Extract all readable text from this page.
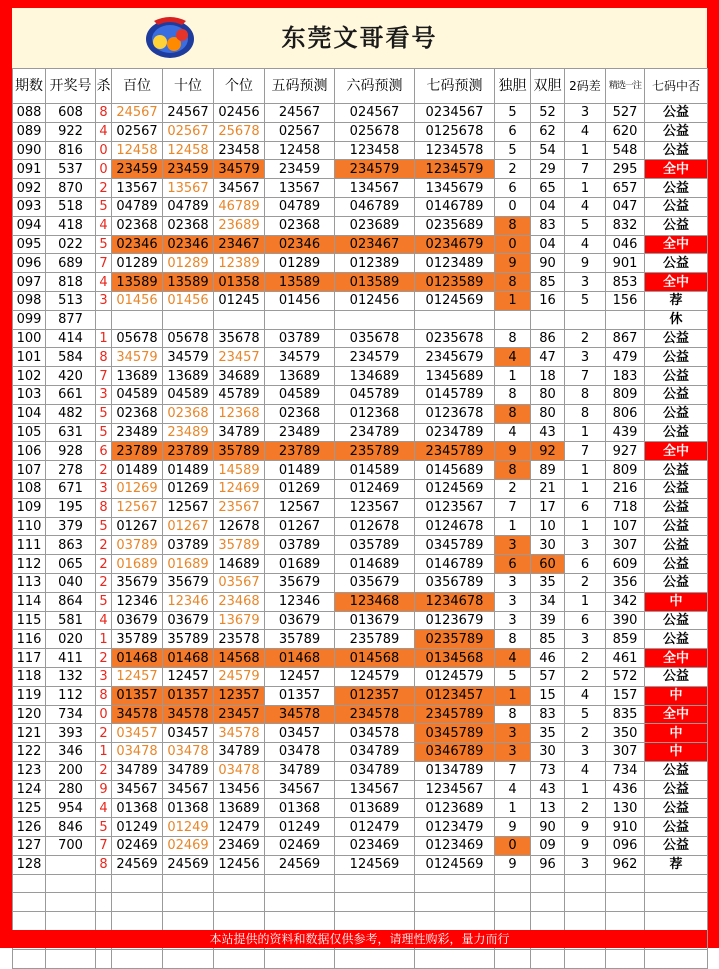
东莞文哥看号
期数	开奖号	杀	百位	十位	个位	五码预测	六码预测	七码预测	独胆	双胆	2码差	精选一注	七码中否
088	608	8	24567	24567	02456	24567	024567	0234567	5	52	3	527	公益
089	922	4	02567	02567	25678	02567	025678	0125678	6	62	4	620	公益
090	816	0	12458	12458	23458	12458	123458	1234578	5	54	1	548	公益
091	537	0	23459	23459	34579	23459	234579	1234579	2	29	7	295	全中
092	870	2	13567	13567	34567	13567	134567	1345679	6	65	1	657	公益
093	518	5	04789	04789	46789	04789	046789	0146789	0	04	4	047	公益
094	418	4	02368	02368	23689	02368	023689	0235689	8	83	5	832	公益
095	022	5	02346	02346	23467	02346	023467	0234679	0	04	4	046	全中
096	689	7	01289	01289	12389	01289	012389	0123489	9	90	9	901	公益
097	818	4	13589	13589	01358	13589	013589	0123589	8	85	3	853	全中
098	513	3	01456	01456	01245	01456	012456	0124569	1	16	5	156	荐
099	877												休
100	414	1	05678	05678	35678	03789	035678	0235678	8	86	2	867	公益
101	584	8	34579	34579	23457	34579	234579	2345679	4	47	3	479	公益
102	420	7	13689	13689	34689	13689	134689	1345689	1	18	7	183	公益
103	661	3	04589	04589	45789	04589	045789	0145789	8	80	8	809	公益
104	482	5	02368	02368	12368	02368	012368	0123678	8	80	8	806	公益
105	631	5	23489	23489	34789	23489	234789	0234789	4	43	1	439	公益
106	928	6	23789	23789	35789	23789	235789	2345789	9	92	7	927	全中
107	278	2	01489	01489	14589	01489	014589	0145689	8	89	1	809	公益
108	671	3	01269	01269	12469	01269	012469	0124569	2	21	1	216	公益
109	195	8	12567	12567	23567	12567	123567	0123567	7	17	6	718	公益
110	379	5	01267	01267	12678	01267	012678	0124678	1	10	1	107	公益
111	863	2	03789	03789	35789	03789	035789	0345789	3	30	3	307	公益
112	065	2	01689	01689	14689	01689	014689	0146789	6	60	6	609	公益
113	040	2	35679	35679	03567	35679	035679	0356789	3	35	2	356	公益
114	864	5	12346	12346	23468	12346	123468	1234678	3	34	1	342	中
115	581	4	03679	03679	13679	03679	013679	0123679	3	39	6	390	公益
116	020	1	35789	35789	23578	35789	235789	0235789	8	85	3	859	公益
117	411	2	01468	01468	14568	01468	014568	0134568	4	46	2	461	全中
118	132	3	12457	12457	24579	12457	124579	0124579	5	57	2	572	公益
119	112	8	01357	01357	12357	01357	012357	0123457	1	15	4	157	中
120	734	0	34578	34578	23457	34578	234578	2345789	8	83	5	835	全中
121	393	2	03457	03457	34578	03457	034578	0345789	3	35	2	350	中
122	346	1	03478	03478	34789	03478	034789	0346789	3	30	3	307	中
123	200	2	34789	34789	03478	34789	034789	0134789	7	73	4	734	公益
124	280	9	34567	34567	13456	34567	134567	1234567	4	43	1	436	公益
125	954	4	01368	01368	13689	01368	013689	0123689	1	13	2	130	公益
126	846	5	01249	01249	12479	01249	012479	0123479	9	90	9	910	公益
127	700	7	02469	02469	23469	02469	023469	0123469	0	09	9	096	公益
128		8	24569	24569	12456	24569	124569	0124569	9	96	3	962	荐

本站提供的资料和数据仅供参考，请理性购彩，量力而行
